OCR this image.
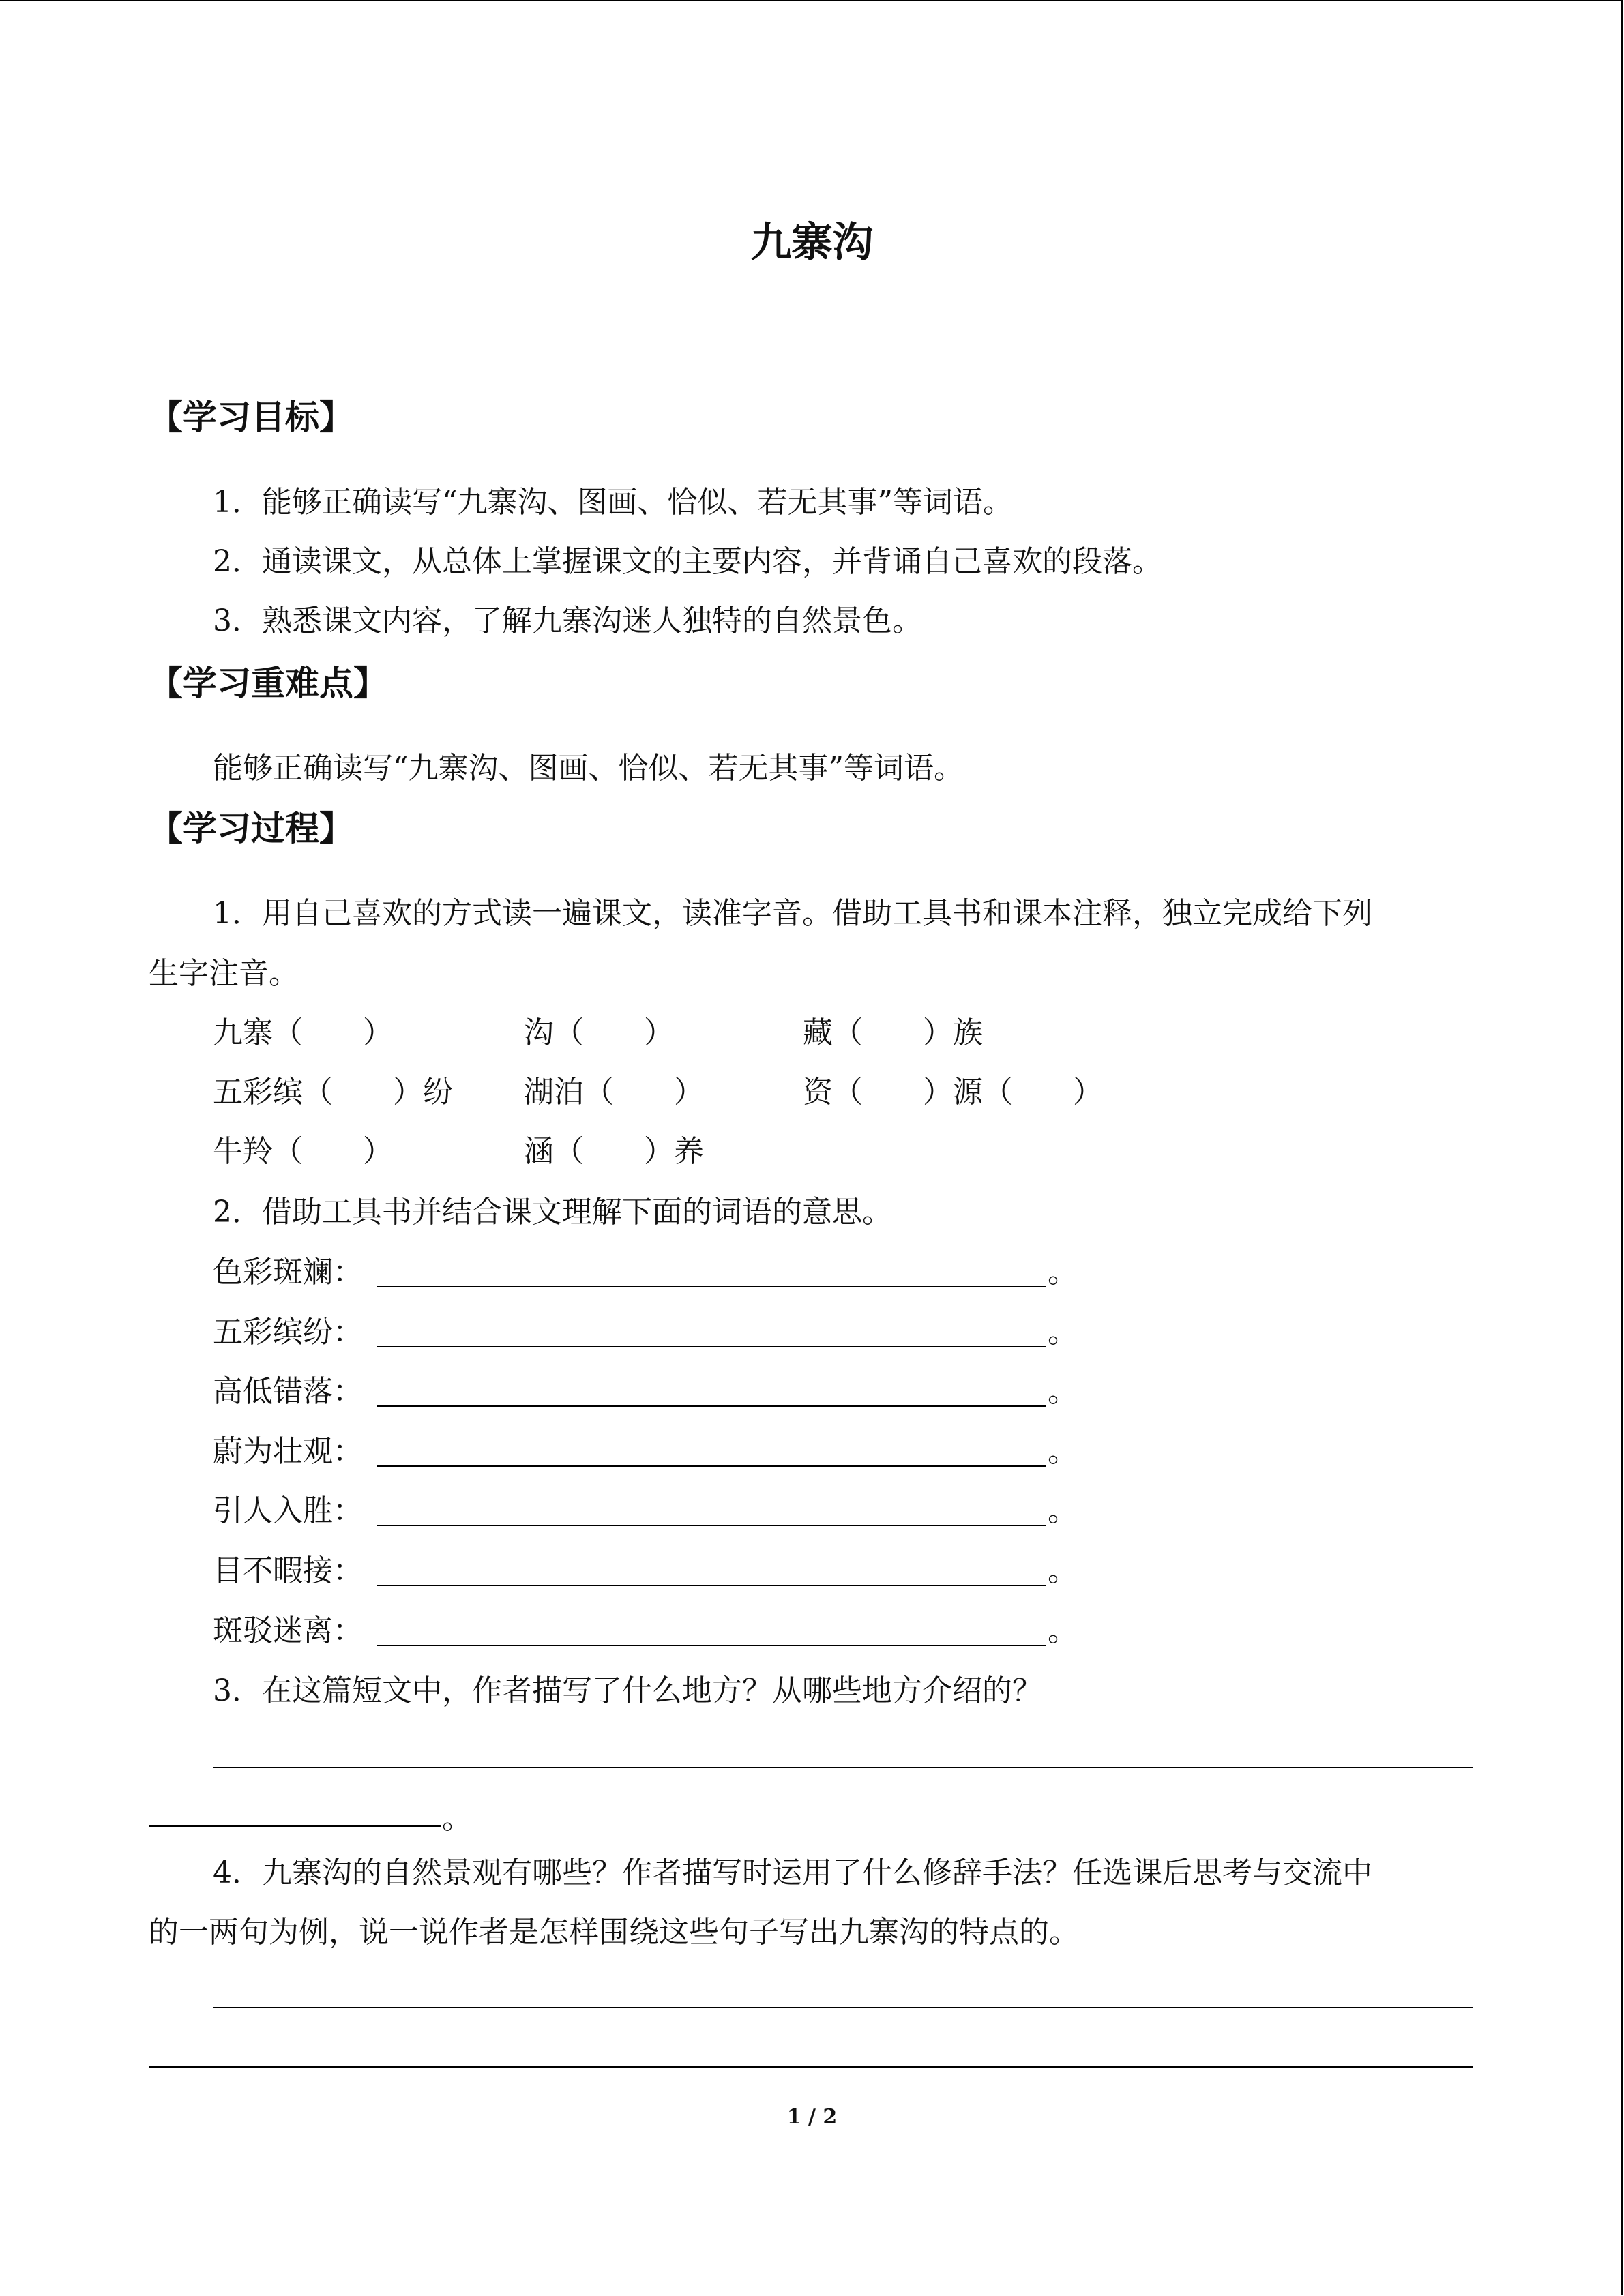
九寨沟
【学习目标】
1．能够正确读写“九寨沟、图画、恰似、若无其事”等词语。
2．通读课文，从总体上掌握课文的主要内容，并背诵自己喜欢的段落。
3．熟悉课文内容，了解九寨沟迷人独特的自然景色。
【学习重难点】
能够正确读写“九寨沟、图画、恰似、若无其事”等词语。
【学习过程】
1．用自己喜欢的方式读一遍课文，读准字音。借助工具书和课本注释，独立完成给下列
生字注音。
九寨（　　）	沟（　　）	藏（　　）族
五彩缤（　　）纷 湖泊（　　）	资（　　）源（　　）
牛羚（　　）	涵（　　）养
2．借助工具书并结合课文理解下面的词语的意思。
色彩斑斓：	。
五彩缤纷：	。
高低错落：	。
蔚为壮观：	。
引人入胜：	。
目不暇接：	。
斑驳迷离：	。
3．在这篇短文中，作者描写了什么地方？从哪些地方介绍的？
。
4．九寨沟的自然景观有哪些？作者描写时运用了什么修辞手法？任选课后思考与交流中
的一两句为例，说一说作者是怎样围绕这些句子写出九寨沟的特点的。
1 / 2
